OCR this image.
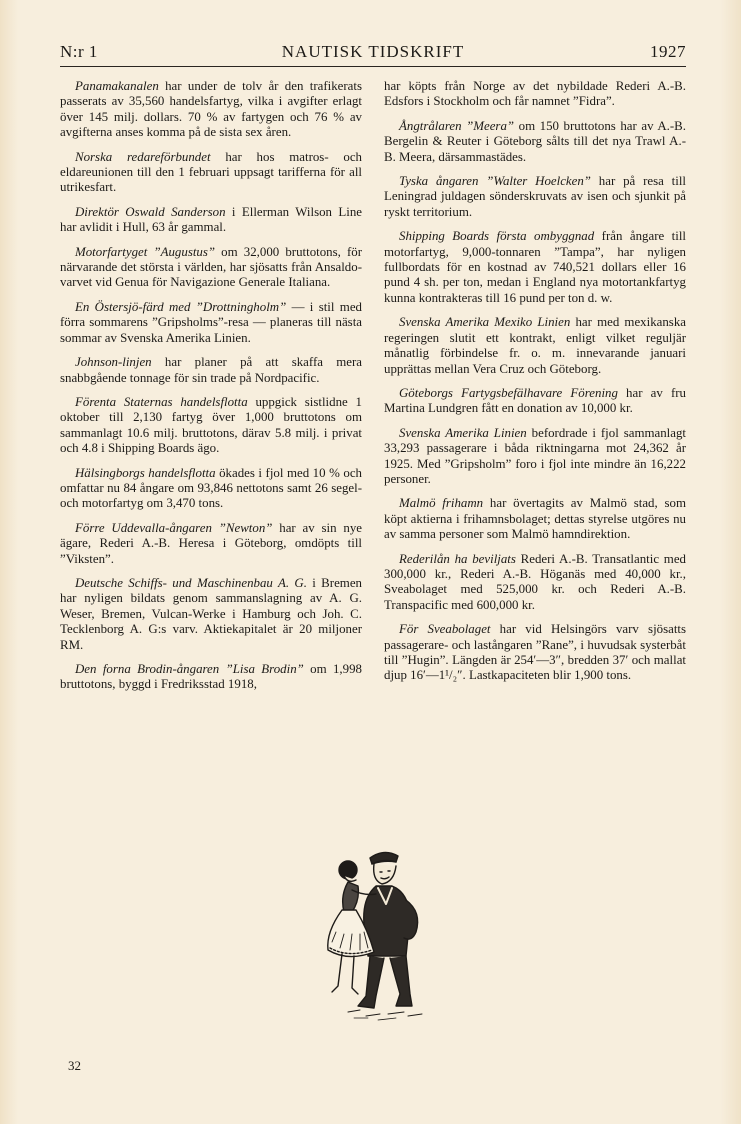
N:r 1	NAUTISK TIDSKRIFT	1927

Panamakanalen har under de tolv år den trafikerats passerats av 35,560 handelsfartyg, vilka i avgifter erlagt över 145 milj. dollars. 70 % av fartygen och 76 % av avgifterna anses komma på de sista sex åren.

Norska redareförbundet har hos matros- och eldareunionen till den 1 februari uppsagt tarifferna för all utrikesfart.

Direktör Oswald Sanderson i Ellerman Wilson Line har avlidit i Hull, 63 år gammal.

Motorfartyget ”Augustus” om 32,000 bruttotons, för närvarande det största i världen, har sjösatts från Ansaldo-varvet vid Genua för Navigazione Generale Italiana.

En Östersjö-färd med ”Drottningholm” — i stil med förra sommarens ”Gripsholms”-resa — planeras till nästa sommar av Svenska Amerika Linien.

Johnson-linjen har planer på att skaffa mera snabbgående tonnage för sin trade på Nordpacific.

Förenta Staternas handelsflotta uppgick sistlidne 1 oktober till 2,130 fartyg över 1,000 bruttotons om sammanlagt 10.6 milj. bruttotons, därav 5.8 milj. i privat och 4.8 i Shipping Boards ägo.

Hälsingborgs handelsflotta ökades i fjol med 10 % och omfattar nu 84 ångare om 93,846 nettotons samt 26 segel- och motorfartyg om 3,470 tons.

Förre Uddevalla-ångaren ”Newton” har av sin nye ägare, Rederi A.-B. Heresa i Göteborg, omdöpts till ”Viksten”.

Deutsche Schiffs- und Maschinenbau A. G. i Bremen har nyligen bildats genom sammanslagning av A. G. Weser, Bremen, Vulcan-Werke i Hamburg och Joh. C. Tecklenborg A. G:s varv. Aktiekapitalet är 20 miljoner RM.

Den forna Brodin-ångaren ”Lisa Brodin” om 1,998 bruttotons, byggd i Fredriksstad 1918,

har köpts från Norge av det nybildade Rederi A.-B. Edsfors i Stockholm och får namnet ”Fidra”.

Ångtrålaren ”Meera” om 150 bruttotons har av A.-B. Bergelin & Reuter i Göteborg sålts till det nya Trawl A.-B. Meera, därsammastädes.

Tyska ångaren ”Walter Hoelcken” har på resa till Leningrad juldagen sönderskruvats av isen och sjunkit på ryskt territorium.

Shipping Boards första ombyggnad från ångare till motorfartyg, 9,000-tonnaren ”Tampa”, har nyligen fullbordats för en kostnad av 740,521 dollars eller 16 pund 4 sh. per ton, medan i England nya motortankfartyg kunna kontrakteras till 16 pund per ton d. w.

Svenska Amerika Mexiko Linien har med mexikanska regeringen slutit ett kontrakt, enligt vilket reguljär månatlig förbindelse fr. o. m. innevarande januari upprättas mellan Vera Cruz och Göteborg.

Göteborgs Fartygsbefälhavare Förening har av fru Martina Lundgren fått en donation av 10,000 kr.

Svenska Amerika Linien befordrade i fjol sammanlagt 33,293 passagerare i båda riktningarna mot 24,362 år 1925. Med ”Gripsholm” foro i fjol inte mindre än 16,222 personer.

Malmö frihamn har övertagits av Malmö stad, som köpt aktierna i frihamnsbolaget; dettas styrelse utgöres nu av samma personer som Malmö hamndirektion.

Rederilån ha beviljats Rederi A.-B. Transatlantic med 300,000 kr., Rederi A.-B. Höganäs med 40,000 kr., Sveabolaget med 525,000 kr. och Rederi A.-B. Transpacific med 600,000 kr.

För Sveabolaget har vid Helsingörs varv sjösatts passagerare- och lastångaren ”Rane”, i huvudsak systerbåt till ”Hugin”. Längden är 254′—3″, bredden 37′ och mallat djup 16′—1¹/₂″. Lastkapaciteten blir 1,900 tons.

32
